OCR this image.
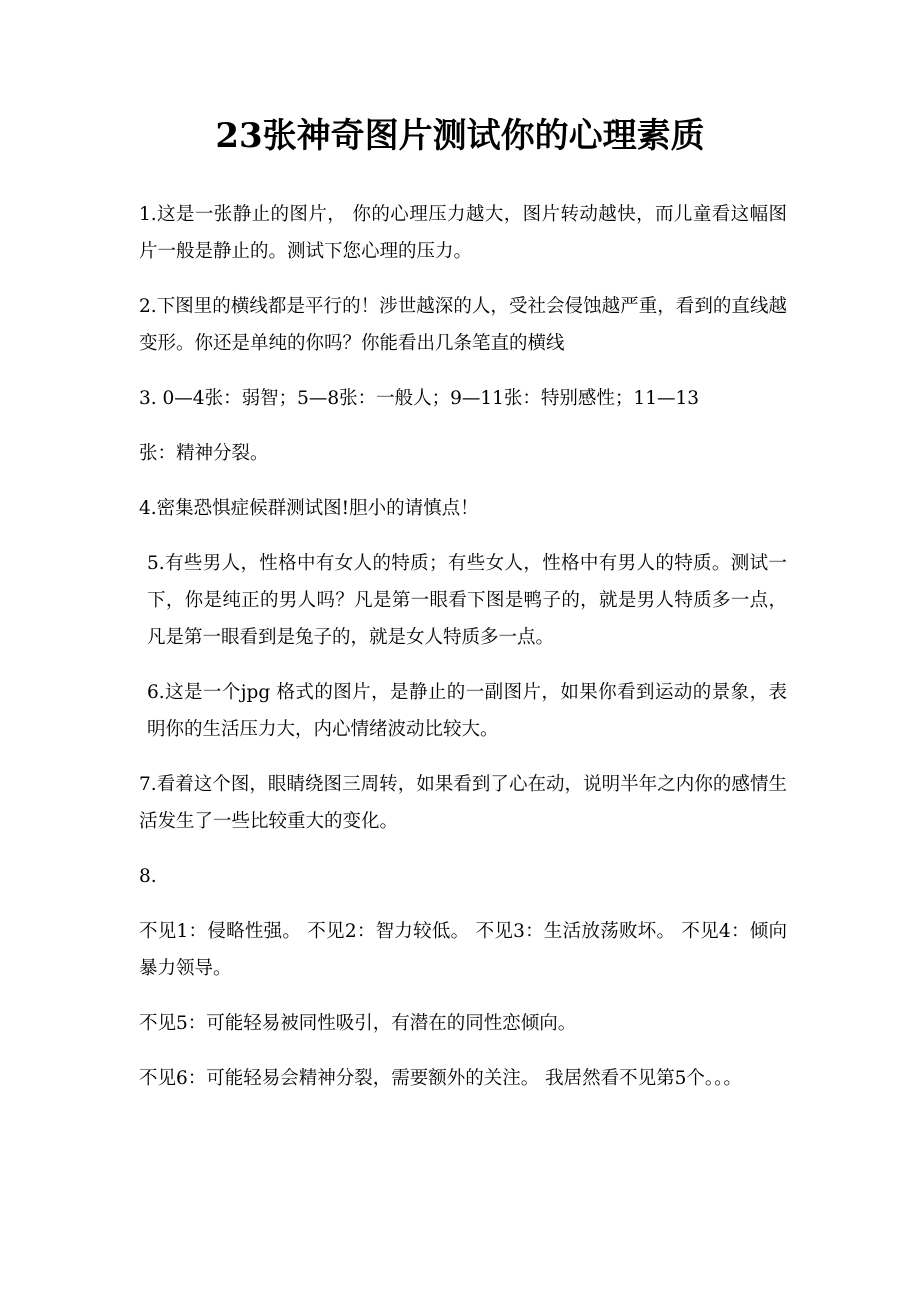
23张神奇图片测试你的心理素质

1.这是一张静止的图片， 你的心理压力越大，图片转动越快，而儿童看这幅图片一般是静止的。测试下您心理的压力。

2.下图里的横线都是平行的！涉世越深的人，受社会侵蚀越严重，看到的直线越变形。你还是单纯的你吗？你能看出几条笔直的横线

3. 0—4张：弱智；5—8张：一般人；9—11张：特别感性；11—13

张：精神分裂。

4.密集恐惧症候群测试图!胆小的请慎点！

5.有些男人，性格中有女人的特质；有些女人，性格中有男人的特质。测试一下，你是纯正的男人吗？凡是第一眼看下图是鸭子的，就是男人特质多一点，凡是第一眼看到是兔子的，就是女人特质多一点。

6.这是一个jpg 格式的图片，是静止的一副图片，如果你看到运动的景象，表明你的生活压力大，内心情绪波动比较大。

7.看着这个图，眼睛绕图三周转，如果看到了心在动，说明半年之内你的感情生活发生了一些比较重大的变化。

8.

不见1：侵略性强。 不见2：智力较低。 不见3：生活放荡败坏。 不见4：倾向暴力领导。

不见5：可能轻易被同性吸引，有潜在的同性恋倾向。

不见6：可能轻易会精神分裂，需要额外的关注。 我居然看不见第5个。。。
